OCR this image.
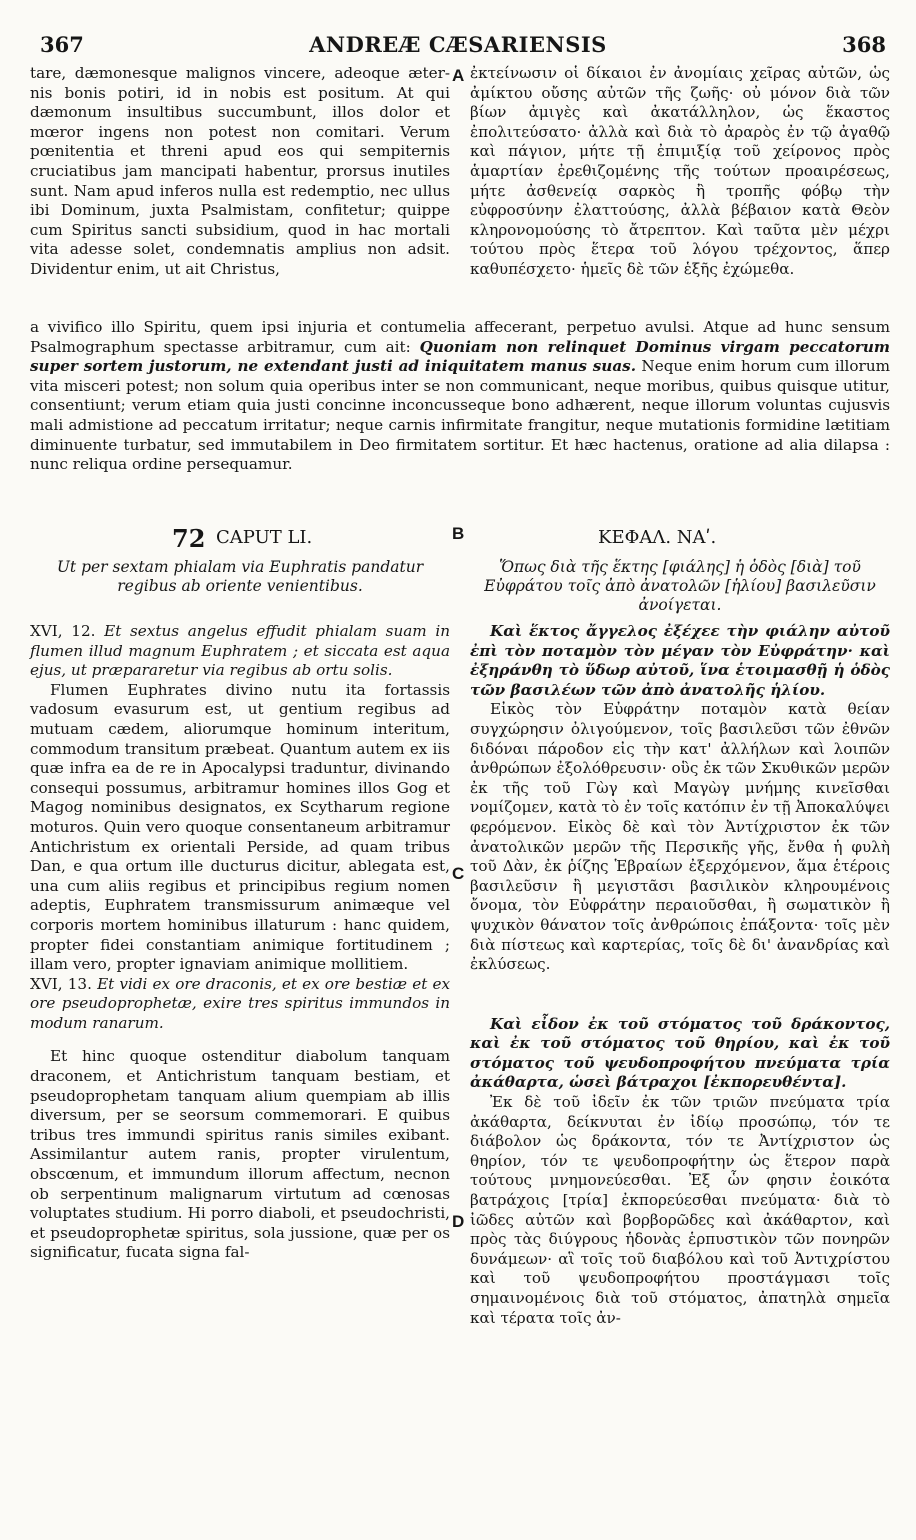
367	ANDREÆ CÆSARIENSIS	368
A
B
C
D

tare, dæmonesque malignos vincere, adeoque æter- nis bonis potiri, id in nobis est positum. At qui dæmonum insultibus succumbunt, illos dolor et mœror ingens non potest non comitari. Verum pœnitentia et threni apud eos qui sempiternis cruciatibus jam mancipati habentur, prorsus inutiles sunt. Nam apud inferos nulla est redemptio, nec ullus ibi Dominum, juxta Psalmistam, confitetur; quippe cum Spiritus sancti subsidium, quod in hac mortali vita adesse solet, condemnatis amplius non adsit. Dividentur enim, ut ait Christus,

ἐκτείνωσιν οἱ δίκαιοι ἐν ἀνομίαις χεῖρας αὐτῶν, ὡς ἀμίκτου οὔσης αὐτῶν τῆς ζωῆς· οὐ μόνον διὰ τῶν βίων ἀμιγὲς καὶ ἀκατάλληλον, ὡς ἕκαστος ἐπολιτεύσατο· ἀλλὰ καὶ διὰ τὸ ἀραρὸς ἐν τῷ ἀγαθῷ καὶ πάγιον, μήτε τῇ ἐπιμιξίᾳ τοῦ χείρονος πρὸς ἁμαρτίαν ἐρεθιζομένης τῆς τούτων προαιρέσεως, μήτε ἀσθενείᾳ σαρκὸς ἢ τροπῆς φόβῳ τὴν εὐφροσύνην ἐλαττούσης, ἀλλὰ βέβαιον κατὰ Θεὸν κληρονομούσης τὸ ἄτρεπτον. Καὶ ταῦτα μὲν μέχρι τούτου πρὸς ἕτερα τοῦ λόγου τρέχοντος, ἅπερ καθυπέσχετο· ἡμεῖς δὲ τῶν ἑξῆς ἐχώμεθα.

a vivifico illo Spiritu, quem ipsi injuria et contumelia affecerant, perpetuo avulsi. Atque ad hunc sensum Psalmographum spectasse arbitramur, cum ait: Quoniam non relinquet Dominus virgam peccatorum super sortem justorum, ne extendant justi ad iniquitatem manus suas. Neque enim horum cum illorum vita misceri potest; non solum quia operibus inter se non communicant, neque moribus, quibus quisque utitur, consentiunt; verum etiam quia justi concinne inconcusseque bono adhærent, neque illorum voluntas cujusvis mali admistione ad peccatum irritatur; neque carnis infirmitate frangitur, neque mutationis formidine lætitiam diminuente turbatur, sed immutabilem in Deo firmitatem sortitur. Et hæc hactenus, oratione ad alia dilapsa : nunc reliqua ordine persequamur.

72 CAPUT LI.	ΚΕΦΑΛ. ΝΑʹ.
Ut per sextam phialam via Euphratis pandatur regibus ab oriente venientibus.
Ὅπως διὰ τῆς ἕκτης [φιάλης] ἡ ὁδὸς [διὰ] τοῦ Εὐφράτου τοῖς ἀπὸ ἀνατολῶν [ἡλίου] βασιλεῦσιν ἀνοίγεται.

XVI, 12. Et sextus angelus effudit phialam suam in flumen illud magnum Euphratem ; et siccata est aqua ejus, ut præpararetur via regibus ab ortu solis.

Flumen Euphrates divino nutu ita fortassis vadosum evasurum est, ut gentium regibus ad mutuam cædem, aliorumque hominum interitum, commodum transitum præbeat. Quantum autem ex iis quæ infra ea de re in Apocalypsi traduntur, divinando consequi possumus, arbitramur homines illos Gog et Magog nominibus designatos, ex Scytharum regione moturos. Quin vero quoque consentaneum arbitramur Antichristum ex orientali Perside, ad quam tribus Dan, e qua ortum ille ducturus dicitur, ablegata est, una cum aliis regibus et principibus regium nomen adeptis, Euphratem transmissurum animæque vel corporis mortem hominibus illaturum : hanc quidem, propter fidei constantiam animique fortitudinem ; illam vero, propter ignaviam animique mollitiem.

XVI, 13. Et vidi ex ore draconis, et ex ore bestiæ et ex ore pseudoprophetæ, exire tres spiritus immundos in modum ranarum.

Et hinc quoque ostenditur diabolum tanquam draconem, et Antichristum tanquam bestiam, et pseudoprophetam tanquam alium quempiam ab illis diversum, per se seorsum commemorari. E quibus tribus tres immundi spiritus ranis similes exibant. Assimilantur autem ranis, propter virulentum, obscœnum, et immundum illorum affectum, necnon ob serpentinum malignarum virtutum ad cœnosas voluptates studium. Hi porro diaboli, et pseudochristi, et pseudoprophetæ spiritus, sola jussione, quæ per os significatur, fucata signa fal-

Καὶ ἕκτος ἄγγελος ἐξέχεε τὴν φιάλην αὐτοῦ ἐπὶ τὸν ποταμὸν τὸν μέγαν τὸν Εὐφράτην· καὶ ἐξηράνθη τὸ ὕδωρ αὐτοῦ, ἵνα ἑτοιμασθῇ ἡ ὁδὸς τῶν βασιλέων τῶν ἀπὸ ἀνατολῆς ἡλίου.

Εἰκὸς τὸν Εὐφράτην ποταμὸν κατὰ θείαν συγχώρησιν ὀλιγούμενον, τοῖς βασιλεῦσι τῶν ἐθνῶν διδόναι πάροδον εἰς τὴν κατ' ἀλλήλων καὶ λοιπῶν ἀνθρώπων ἐξολόθρευσιν· οὓς ἐκ τῶν Σκυθικῶν μερῶν ἐκ τῆς τοῦ Γὼγ καὶ Μαγὼγ μνήμης κινεῖσθαι νομίζομεν, κατὰ τὸ ἐν τοῖς κατόπιν ἐν τῇ Ἀποκαλύψει φερόμενον. Εἰκὸς δὲ καὶ τὸν Ἀντίχριστον ἐκ τῶν ἀνατολικῶν μερῶν τῆς Περσικῆς γῆς, ἔνθα ἡ φυλὴ τοῦ Δὰν, ἐκ ῥίζης Ἑβραίων ἐξερχόμενον, ἅμα ἑτέροις βασιλεῦσιν ἢ μεγιστᾶσι βασιλικὸν κληρουμένοις ὄνομα, τὸν Εὐφράτην περαιοῦσθαι, ἢ σωματικὸν ἢ ψυχικὸν θάνατον τοῖς ἀνθρώποις ἐπάξοντα· τοῖς μὲν διὰ πίστεως καὶ καρτερίας, τοῖς δὲ δι' ἀνανδρίας καὶ ἐκλύσεως.

Καὶ εἶδον ἐκ τοῦ στόματος τοῦ δράκοντος, καὶ ἐκ τοῦ στόματος τοῦ θηρίου, καὶ ἐκ τοῦ στόματος τοῦ ψευδοπροφήτου πνεύματα τρία ἀκάθαρτα, ὡσεὶ βάτραχοι [ἐκπορευθέντα].

Ἐκ δὲ τοῦ ἰδεῖν ἐκ τῶν τριῶν πνεύματα τρία ἀκάθαρτα, δείκνυται ἐν ἰδίῳ προσώπῳ, τόν τε διάβολον ὡς δράκοντα, τόν τε Ἀντίχριστον ὡς θηρίον, τόν τε ψευδοπροφήτην ὡς ἕτερον παρὰ τούτους μνημονεύεσθαι. Ἐξ ὧν φησιν ἐοικότα βατράχοις [τρία] ἐκπορεύεσθαι πνεύματα· διὰ τὸ ἰῶδες αὐτῶν καὶ βορβορῶδες καὶ ἀκάθαρτον, καὶ πρὸς τὰς διύγρους ἡδονὰς ἑρπυστικὸν τῶν πονηρῶν δυνάμεων· αἳ τοῖς τοῦ διαβόλου καὶ τοῦ Ἀντιχρίστου καὶ τοῦ ψευδοπροφήτου προστάγμασι τοῖς σημαινομένοις διὰ τοῦ στόματος, ἀπατηλὰ σημεῖα καὶ τέρατα τοῖς ἀν-
